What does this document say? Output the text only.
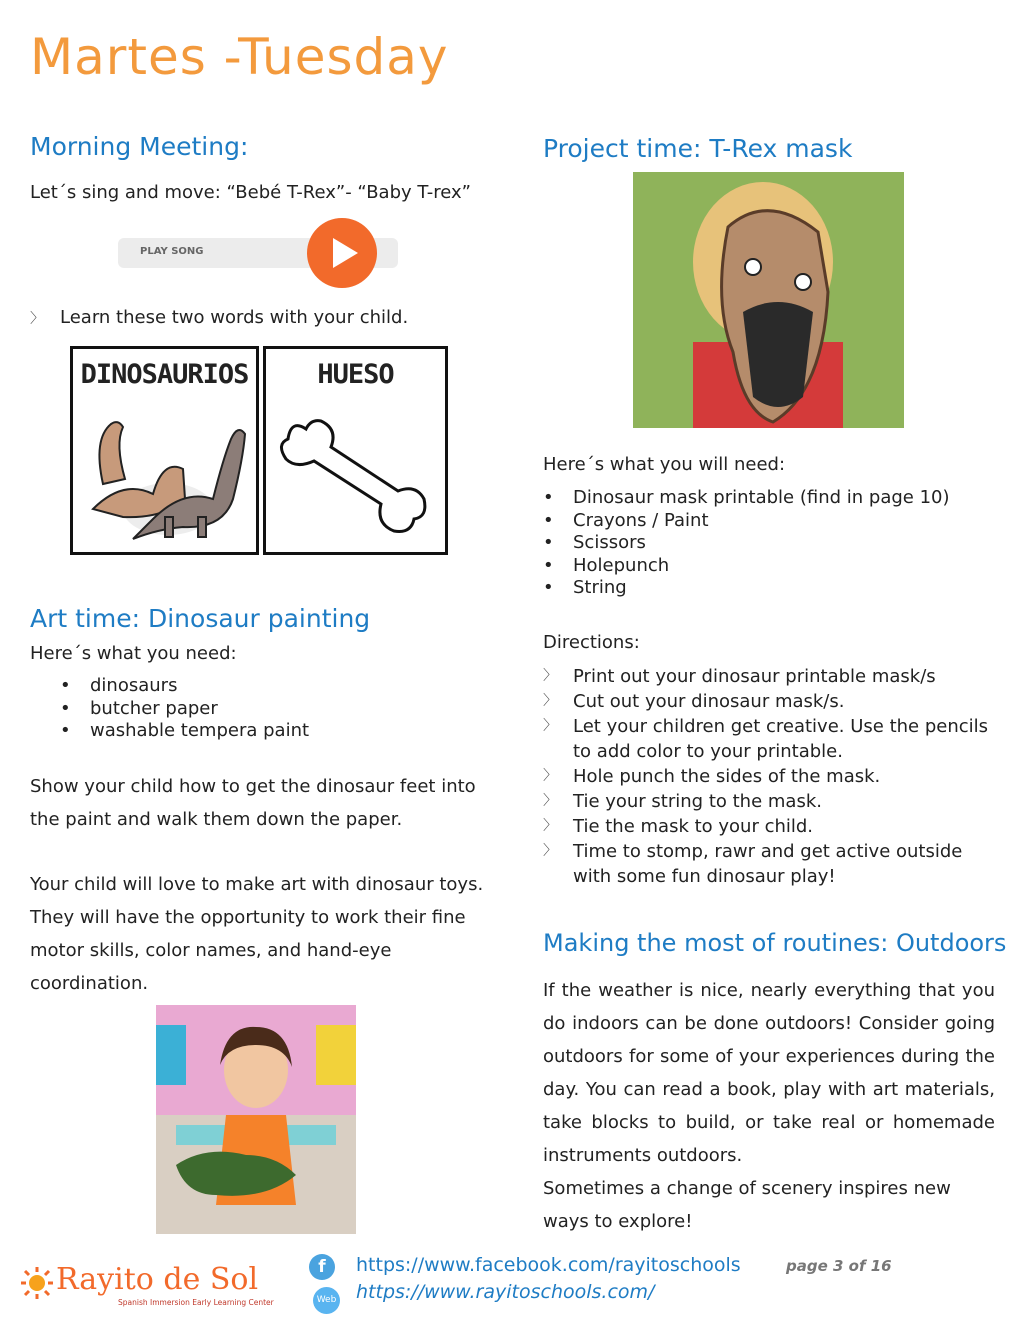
Martes -Tuesday
Morning Meeting:
Let´s sing and move: “Bebé T-Rex”- “Baby T-rex”
PLAY SONG
〉 Learn these two words with your child.
DINOSAURIOS	HUESO
Art time: Dinosaur painting
Here´s what you need:
• dinosaurs
• butcher paper
• washable tempera paint
Show your child how to get the dinosaur feet into the paint and walk them down the paper.
Your child will love to make art with dinosaur toys. They will have the opportunity to work their fine motor skills, color names, and hand-eye coordination.
Project time: T-Rex mask
Here´s what you will need:
• Dinosaur mask printable (find in page 10)
• Crayons / Paint
• Scissors
• Holepunch
• String
Directions:
〉 Print out your dinosaur printable mask/s
〉 Cut out your dinosaur mask/s.
〉 Let your children get creative. Use the pencils to add color to your printable.
〉 Hole punch the sides of the mask.
〉 Tie your string to the mask.
〉 Tie the mask to your child.
〉 Time to stomp, rawr and get active outside with some fun dinosaur play!
Making the most of routines: Outdoors
If the weather is nice, nearly everything that you do indoors can be done outdoors! Consider going outdoors for some of your experiences during the day. You can read a book, play with art materials, take blocks to build, or take real or homemade instruments outdoors.
Sometimes a change of scenery inspires new ways to explore!
Rayito de Sol
Spanish Immersion Early Learning Center
f
Web
https://www.facebook.com/rayitoschools
https://www.rayitoschools.com/
page 3 of 16
